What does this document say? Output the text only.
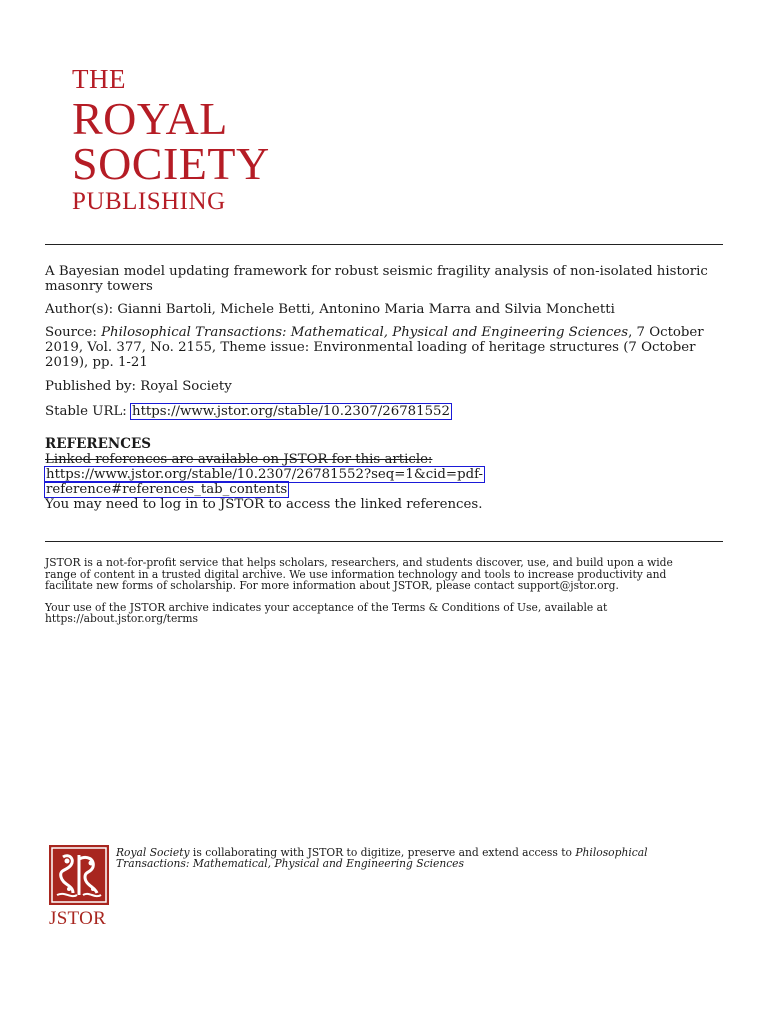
THE
ROYAL
SOCIETY
PUBLISHING

A Bayesian model updating framework for robust seismic fragility analysis of non-isolated historic masonry towers

Author(s): Gianni Bartoli, Michele Betti, Antonino Maria Marra and Silvia Monchetti

Source: Philosophical Transactions: Mathematical, Physical and Engineering Sciences, 7 October 2019, Vol. 377, No. 2155, Theme issue: Environmental loading of heritage structures (7 October 2019), pp. 1-21

Published by: Royal Society

Stable URL: https://www.jstor.org/stable/10.2307/26781552

REFERENCES

Linked references are available on JSTOR for this article:

https://www.jstor.org/stable/10.2307/26781552?seq=1&cid=pdf-

reference#references_tab_contents

You may need to log in to JSTOR to access the linked references.

JSTOR is a not-for-profit service that helps scholars, researchers, and students discover, use, and build upon a wide range of content in a trusted digital archive. We use information technology and tools to increase productivity and facilitate new forms of scholarship. For more information about JSTOR, please contact support@jstor.org.

Your use of the JSTOR archive indicates your acceptance of the Terms & Conditions of Use, available at
https://about.jstor.org/terms

JSTOR
Royal Society is collaborating with JSTOR to digitize, preserve and extend access to Philosophical Transactions: Mathematical, Physical and Engineering Sciences
